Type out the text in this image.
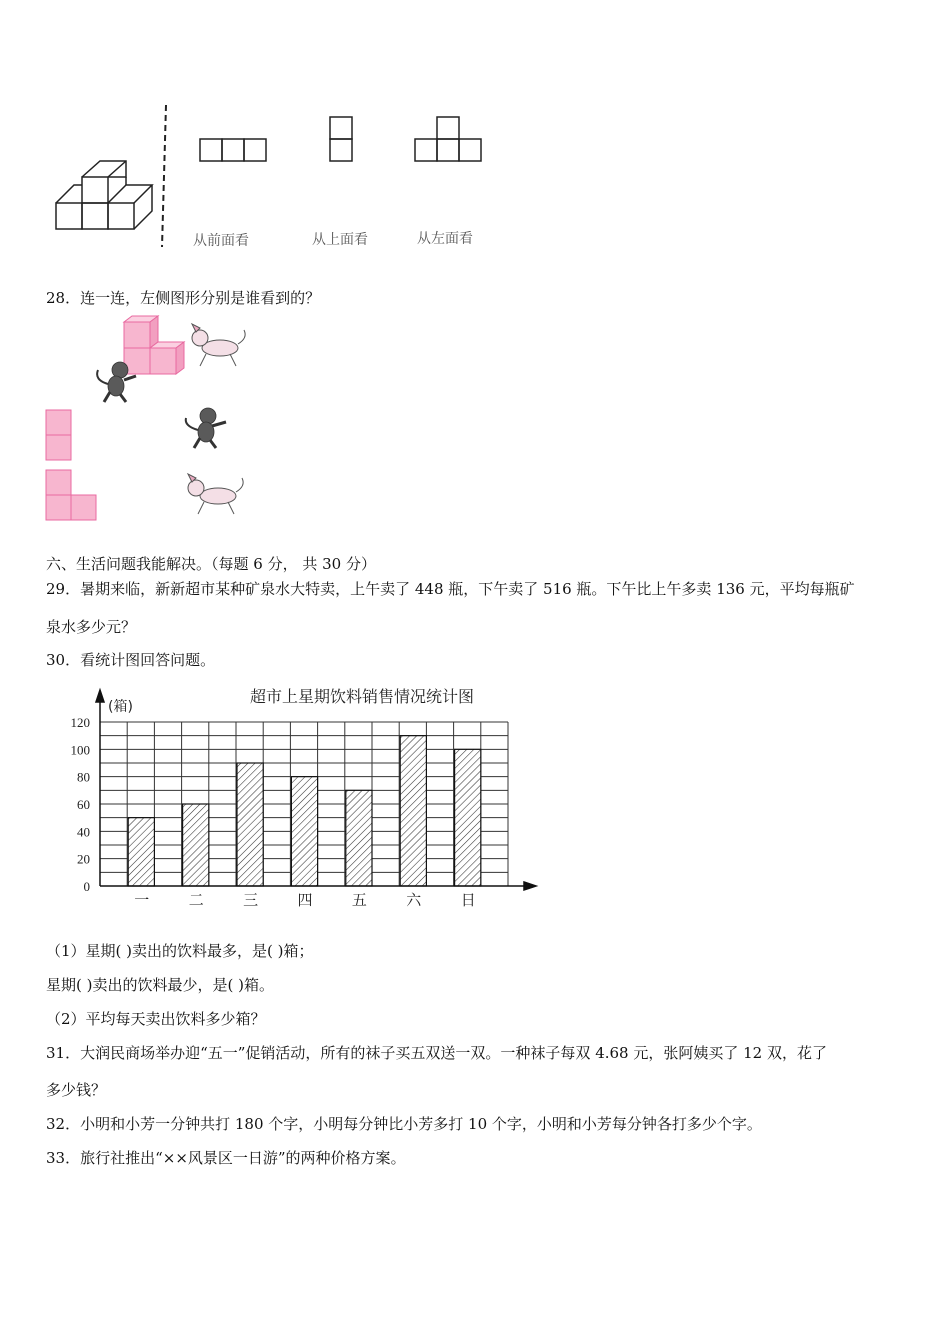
从前面看	从上面看	从左面看
28．连一连，左侧图形分别是谁看到的？
六、生活问题我能解决。（每题 6 分， 共 30 分）
29．暑期来临，新新超市某种矿泉水大特卖，上午卖了 448 瓶，下午卖了 516 瓶。下午比上午多卖 136 元，平均每瓶矿
泉水多少元？
30．看统计图回答问题。
超市上星期饮料销售情况统计图
(箱)
0
20
40
60
80
100
120
一	二	三	四	五	六	日
（1）星期( )卖出的饮料最多，是( )箱；
星期( )卖出的饮料最少，是( )箱。
（2）平均每天卖出饮料多少箱？
31．大润民商场举办迎“五一”促销活动，所有的袜子买五双送一双。一种袜子每双 4.68 元，张阿姨买了 12 双，花了
多少钱？
32．小明和小芳一分钟共打 180 个字，小明每分钟比小芳多打 10 个字，小明和小芳每分钟各打多少个字。
33．旅行社推出“××风景区一日游”的两种价格方案。
